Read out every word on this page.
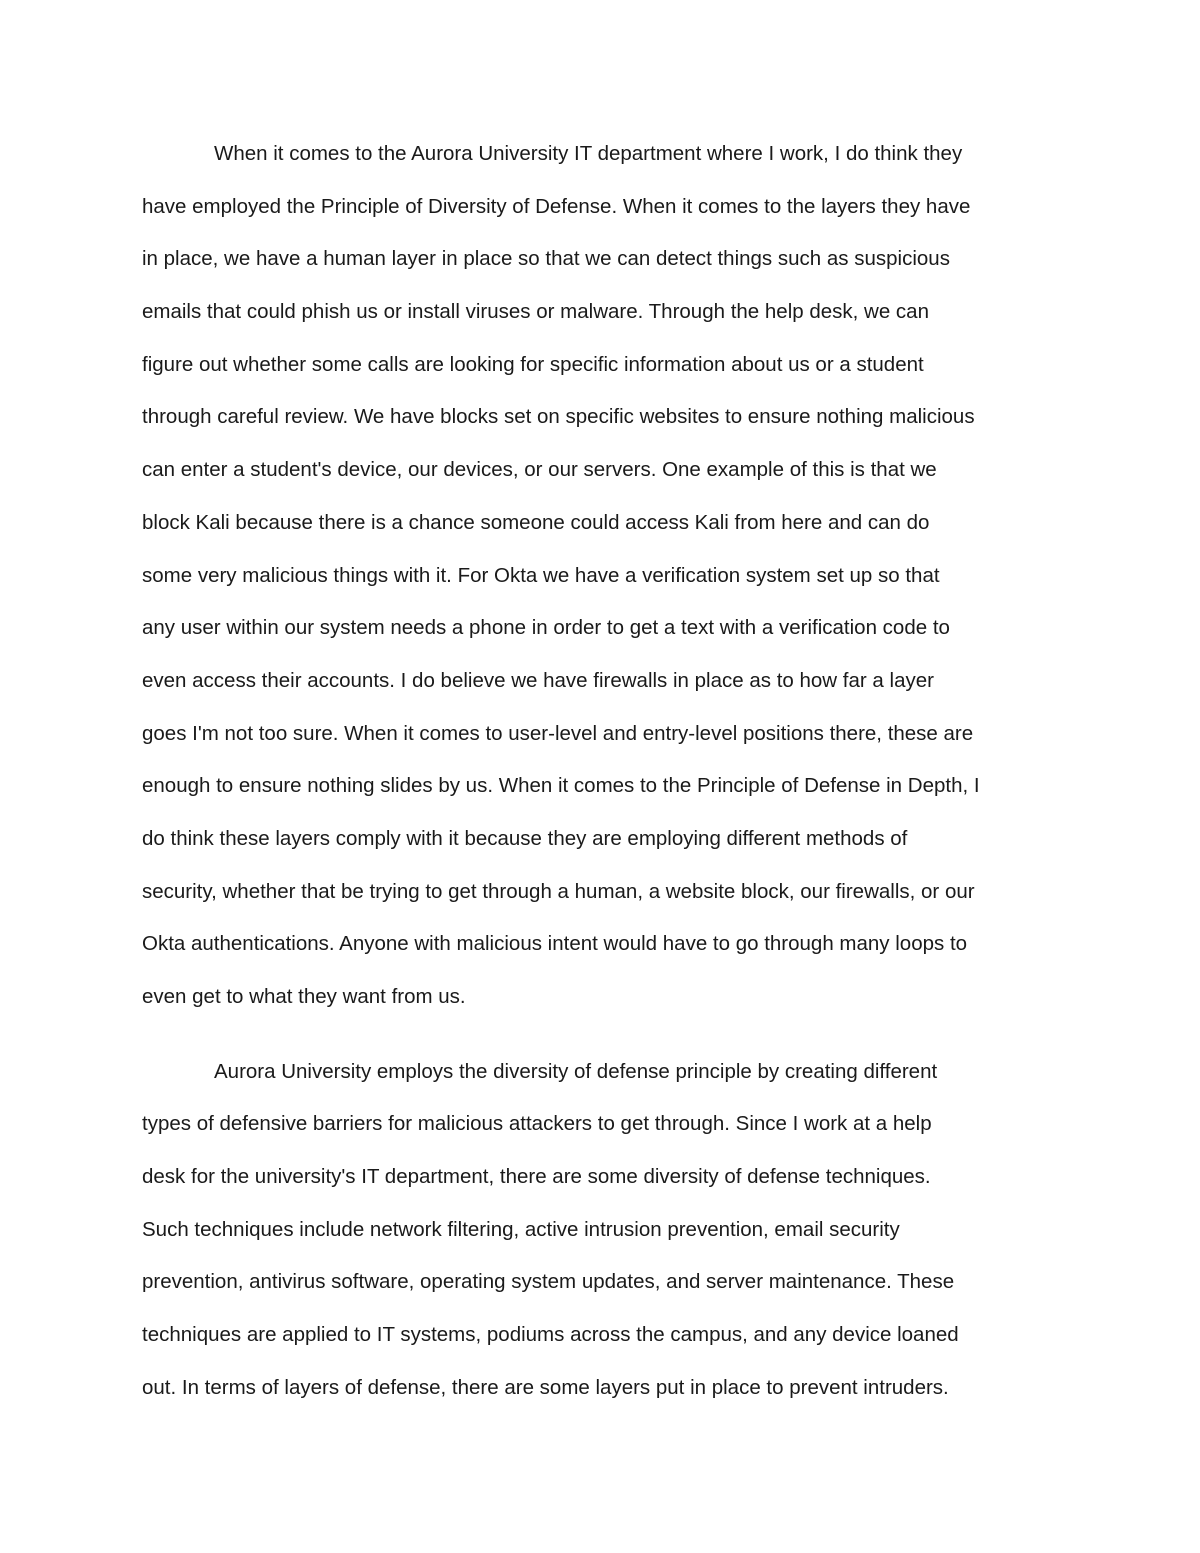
When it comes to the Aurora University IT department where I work, I do think they
have employed the Principle of Diversity of Defense. When it comes to the layers they have
in place, we have a human layer in place so that we can detect things such as suspicious
emails that could phish us or install viruses or malware. Through the help desk, we can
figure out whether some calls are looking for specific information about us or a student
through careful review. We have blocks set on specific websites to ensure nothing malicious
can enter a student's device, our devices, or our servers. One example of this is that we
block Kali because there is a chance someone could access Kali from here and can do
some very malicious things with it. For Okta we have a verification system set up so that
any user within our system needs a phone in order to get a text with a verification code to
even access their accounts. I do believe we have firewalls in place as to how far a layer
goes I'm not too sure. When it comes to user-level and entry-level positions there, these are
enough to ensure nothing slides by us. When it comes to the Principle of Defense in Depth, I
do think these layers comply with it because they are employing different methods of
security, whether that be trying to get through a human, a website block, our firewalls, or our
Okta authentications. Anyone with malicious intent would have to go through many loops to
even get to what they want from us.
Aurora University employs the diversity of defense principle by creating different
types of defensive barriers for malicious attackers to get through. Since I work at a help
desk for the university's IT department, there are some diversity of defense techniques.
Such techniques include network filtering, active intrusion prevention, email security
prevention, antivirus software, operating system updates, and server maintenance. These
techniques are applied to IT systems, podiums across the campus, and any device loaned
out. In terms of layers of defense, there are some layers put in place to prevent intruders.
